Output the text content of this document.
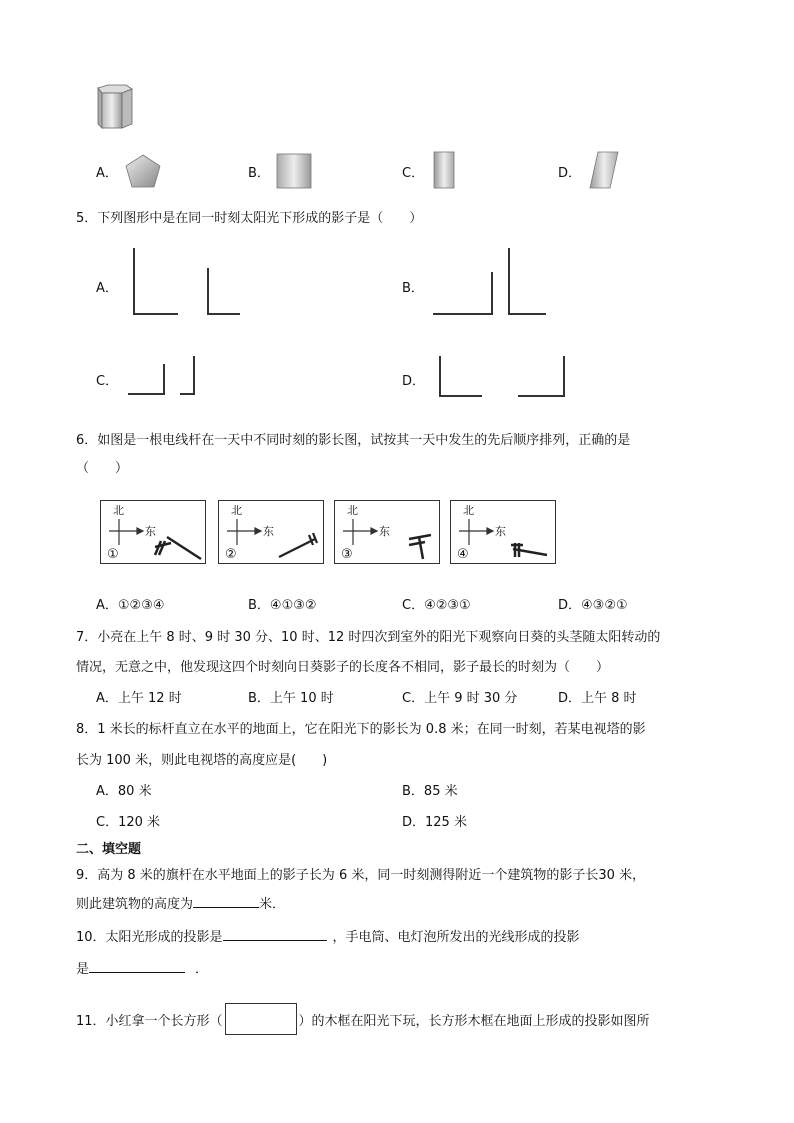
A．	B．	C．	D．
5．下列图形中是在同一时刻太阳光下形成的影子是（　　）
A．	B．
C．	D．
6．如图是一根电线杆在一天中不同时刻的影长图，试按其一天中发生的先后顺序排列，正确的是
（　　）
北
东
①
北
东
②
北
东
③
北
东
④
A．①②③④	B．④①③②	C．④②③①	D．④③②①
7．小亮在上午 8 时、9 时 30 分、10 时、12 时四次到室外的阳光下观察向日葵的头茎随太阳转动的
情况，无意之中，他发现这四个时刻向日葵影子的长度各不相同，影子最长的时刻为（　　）
A．上午 12 时	B．上午 10 时	C．上午 9 时 30 分	D．上午 8 时
8．1 米长的标杆直立在水平的地面上，它在阳光下的影长为 0.8 米；在同一时刻，若某电视塔的影
长为 100 米，则此电视塔的高度应是(　　)
A．80 米	B．85 米
C．120 米	D．125 米
二、填空题
9．高为 8 米的旗杆在水平地面上的影子长为 6 米，同一时刻测得附近一个建筑物的影子长30 米，
则此建筑物的高度为	米．
10．太阳光形成的投影是	，手电筒、电灯泡所发出的光线形成的投影
是	．
11．小红拿一个长方形（	）的木框在阳光下玩，长方形木框在地面上形成的投影如图所
